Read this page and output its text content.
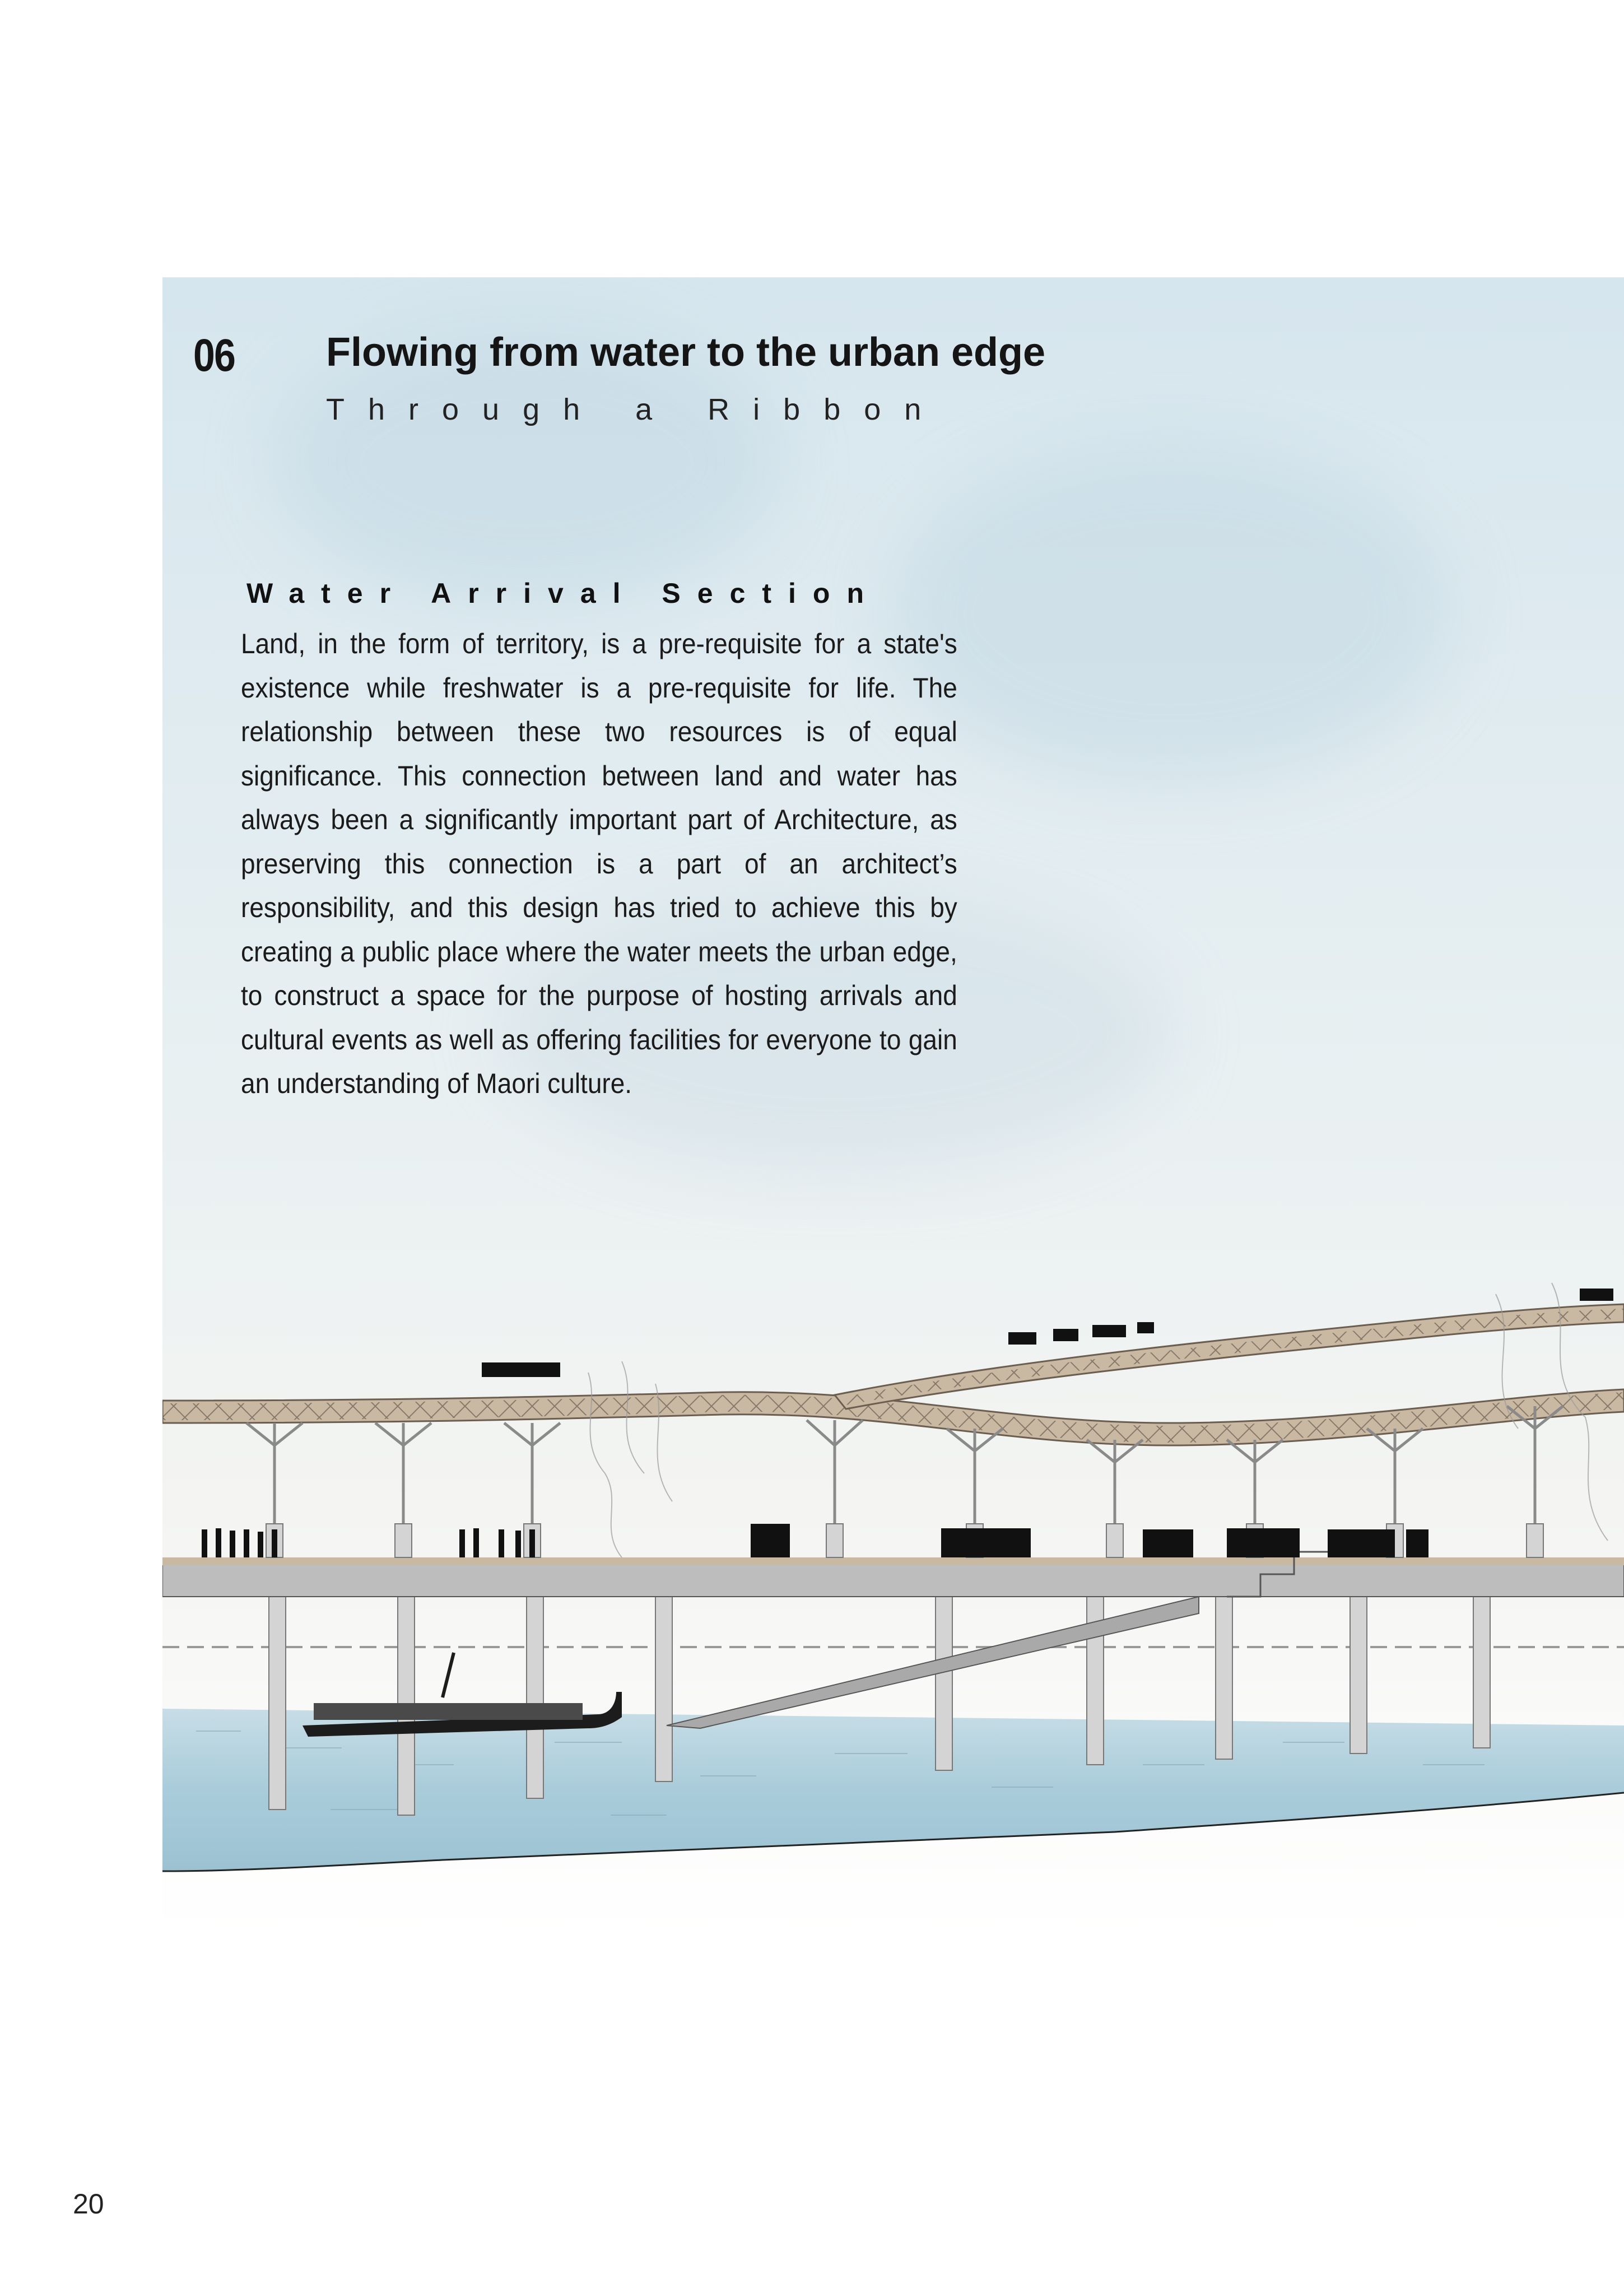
06 Flowing from water to the urban edge
Through a Ribbon
Water Arrival Section
Land, in the form of territory, is a pre-requisite for a state's existence while freshwater is a pre-requisite for life. The relationship between these two resources is of equal significance. This connection between land and water has always been a significantly important part of Architecture, as preserving this connection is a part of an architect’s responsibility, and this design has tried to achieve this by creating a public place where the water meets the urban edge, to construct a space for the purpose of hosting arrivals and cultural events as well as offering facilities for everyone to gain an understanding of Maori culture.
20
